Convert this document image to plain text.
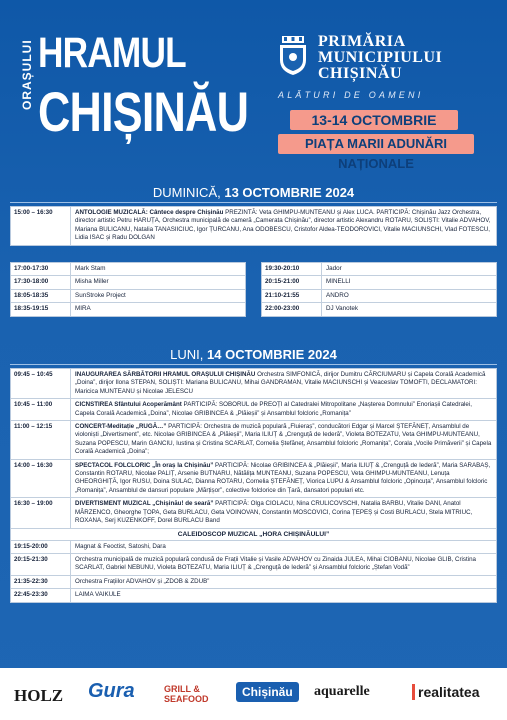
ORAȘULUI HRAMUL
CHIȘINĂU
PRIMĂRIA
MUNICIPIULUI
CHIȘINĂU
ALĂTURI DE OAMENI
13-14 OCTOMBRIE
PIAȚA MARII ADUNĂRI NAȚIONALE
DUMINICĂ, 13 OCTOMBRIE 2024
15:00 – 16:30	ANTOLOGIE MUZICALĂ: Cântece despre Chișinău PREZINTĂ: Veta GHIMPU-MUNTEANU și Alex LUCA. PARTICIPĂ: Chișinău Jazz Orchestra, director artistic Petru HARUȚA, Orchestra municipală de cameră „Camerata Chișinău”, director artistic Alexandru ROTARU, SOLIȘTI: Vitalie ADVAHOV, Mariana BULICANU, Natalia TANASIICIUC, Igor ȚURCANU, Ana ODOBESCU, Cristofor Aldea-TEODOROVICI, Vitalie MACIUNSCHI, Vlad FOTESCU, Lidia ISAC și Radu DOLGAN
17:00-17:30	Mark Stam
17:30-18:00	Misha Miller
18:05-18:35	SunStroke Project
18:35-19:15	MIRA
19:30-20:10	Jador
20:15-21:00	MINELLI
21:10-21:55	ANDRO
22:00-23:00	DJ Vanotek
LUNI, 14 OCTOMBRIE 2024
09:45 – 10:45	INAUGURAREA SĂRBĂTORII HRAMUL ORAȘULUI CHIȘINĂU Orchestra SIMFONICĂ, dirijor Dumitru CĂRCIUMARU și Capela Corală Academică „Doina”, dirijor Ilona STEPAN, SOLIȘTI: Mariana BULICANU, Mihai GANDRAMAN, Vitalie MACIUNSCHI și Veaceslav TOMOFTI, DECLAMATORI: Maricica MUNTEANU și Nicolae JELESCU
10:45 – 11:00	CICNSTIREA Sfântului Acoperământ PARTICIPĂ: SOBORUL de PREOȚI al Catedralei Mitropolitane „Nașterea Domnului” Enoriașii Catedralei, Capela Corală Academică „Doina”, Nicolae GRIBINCEA & „Plăieșii” și Ansamblul folcloric „Romanița”
11:00 – 12:15	CONCERT-Meditație „RUGĂ…” PARTICIPĂ: Orchestra de muzică populară „Fluieraș”, conducători Edgar și Marcel ȘTEFĂNEȚ, Ansamblul de violoniști „Divertisment”, etc. Nicolae GRIBINCEA & „Plăieșii”, Maria ILIUȚ & „Crenguță de Iederă”, Violeta BOTEZATU, Veta GHIMPU-MUNTEANU, Suzana POPESCU, Marin GANCIU, Iustina și Cristina SCARLAT, Cornelia Ștefăneț, Ansamblul folcloric „Romanița”, Corala „Vocile Primăverii” și Capela Corală Academică „Doina”;
14:00 – 16:30	SPECTACOL FOLCLORIC „În oraș la Chișinău” PARTICIPĂ: Nicolae GRIBINCEA & „Plăieșii”, Maria ILIUȚ & „Crenguță de Iederă”, Maria SARABAȘ, Constantin ROTARU, Nicolae PALIȚ, Arsenie BUTNARU, Nătălița MUNTEANU, Suzana POPESCU, Veta GHIMPU-MUNTEANU, Lenuța GHEORGHIȚĂ, Igor RUSU, Doina SULAC, Dianna ROTARU, Cornelia ȘTEFĂNEȚ, Viorica LUPU & Ansamblul folcloric „Opincuța”, Ansamblul folcloric „Romanița”, Ansamblul de dansuri populare „Mărțișor”, colective folclorice din Țară, dansatori populari etc.
16:30 – 19:00	DIVERTISMENT MUZICAL „Chișinău! de seară” PARTICIPĂ: Olga CIOLACU, Nina CRULICOVSCHI, Natalia BARBU, Vitalie DANI, Anatol MÂRZENCO, Gheorghe ȚOPA, Geta BURLACU, Geta VOINOVAN, Constantin MOSCOVICI, Corina ȚEPEȘ și Costi BURLACU, Stela MITRIUC, ROXANA, Serj KUZENKOFF, Dorel BURLACU Band
CALEIDOSCOP MUZICAL „HORA CHIȘINĂULUI”
19:15-20:00	Magnat & Feoctist, Satoshi, Dara
20:15-21:30	Orchestra municipală de muzică populară condusă de Frații Vitalie și Vasile ADVAHOV cu Zinaida JULEA, Mihai CIOBANU, Nicolae GLIB, Cristina SCARLAT, Gabriel NEBUNU, Violeta BOTEZATU, Maria ILIUȚ & „Crenguță de Iederă” și Ansamblul folcloric „Ștefan Vodă”
21:35-22:30	Orchestra Frațiilor ADVAHOV și „ZDOB & ZDUB”
22:45-23:30	LAIMA VAIKULE
HOLZ Gura	GRILL & SEAFOOD	Chișinău	aquarelle	realitatea
